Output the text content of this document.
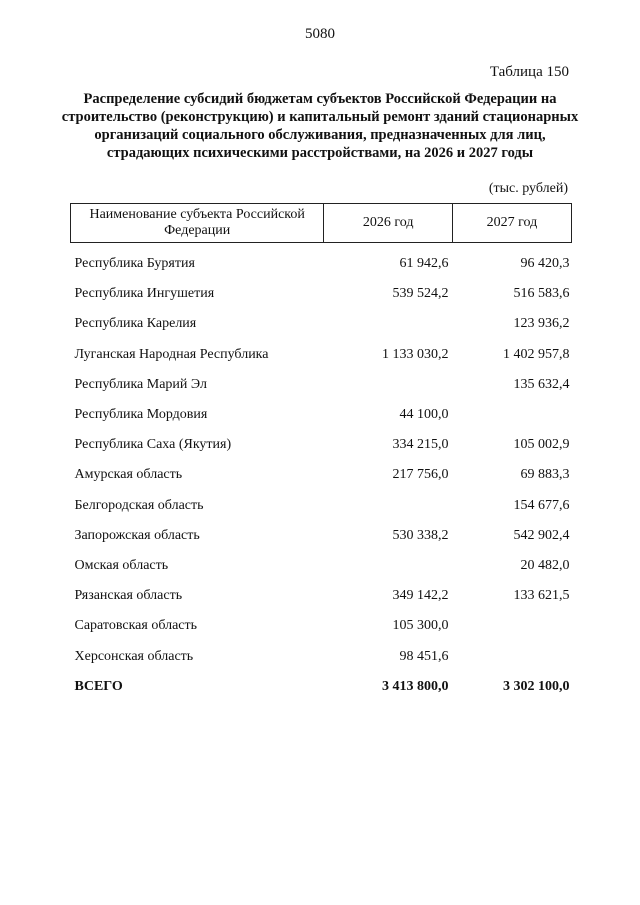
5080
Таблица 150
Распределение субсидий бюджетам субъектов Российской Федерации на строительство (реконструкцию) и капитальный ремонт зданий стационарных организаций социального обслуживания, предназначенных для лиц, страдающих психическими расстройствами, на 2026 и 2027 годы
(тыс. рублей)
Наименование субъекта Российской Федерации	2026 год	2027 год
Республика Бурятия	61 942,6	96 420,3
Республика Ингушетия	539 524,2	516 583,6
Республика Карелия		123 936,2
Луганская Народная Республика	1 133 030,2	1 402 957,8
Республика Марий Эл		135 632,4
Республика Мордовия	44 100,0	
Республика Саха (Якутия)	334 215,0	105 002,9
Амурская область	217 756,0	69 883,3
Белгородская область		154 677,6
Запорожская область	530 338,2	542 902,4
Омская область		20 482,0
Рязанская область	349 142,2	133 621,5
Саратовская область	105 300,0	
Херсонская область	98 451,6	
ВСЕГО	3 413 800,0	3 302 100,0
